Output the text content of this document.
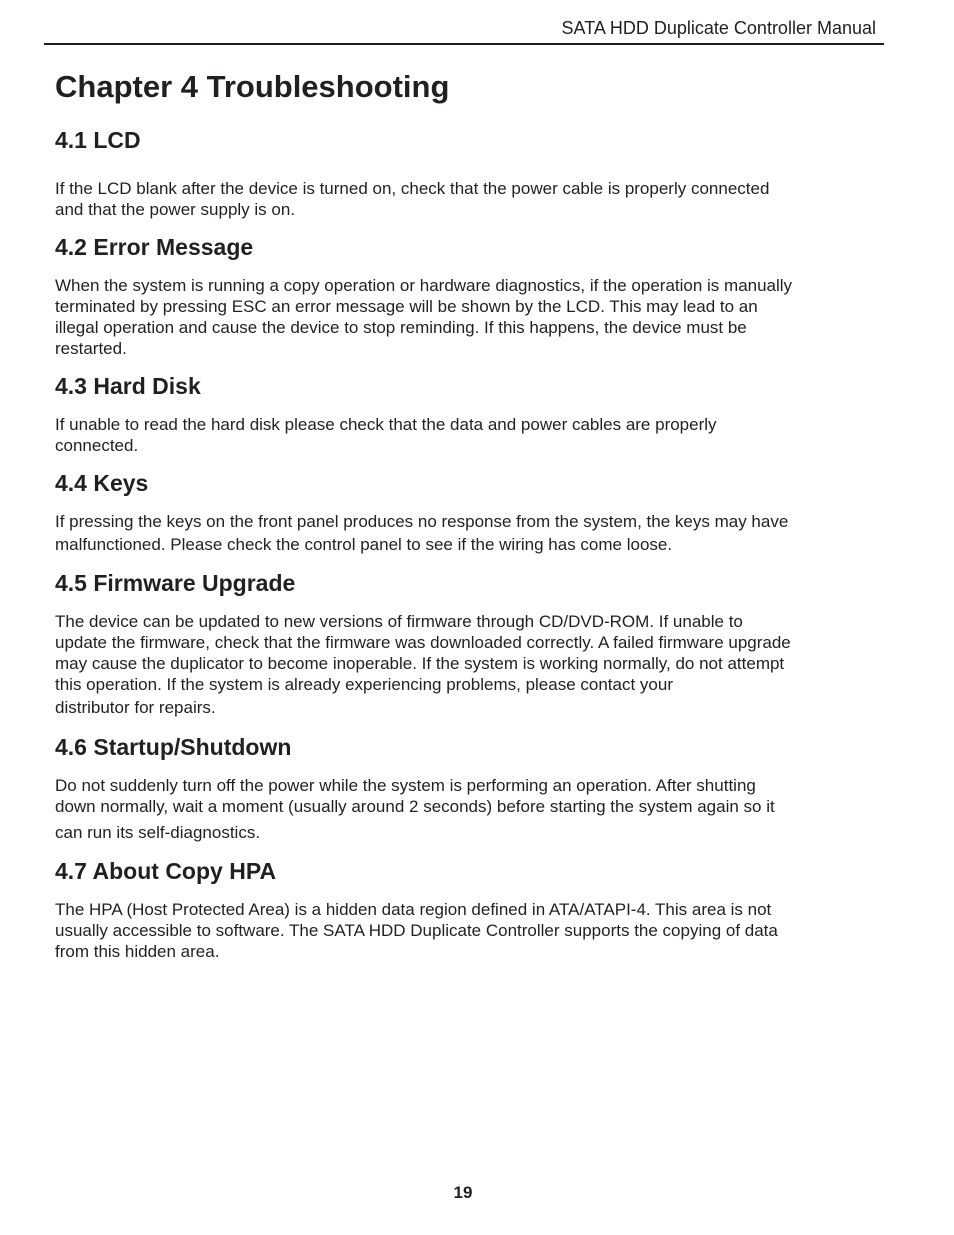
SATA HDD Duplicate Controller Manual
Chapter 4 Troubleshooting
4.1 LCD

If the LCD blank after the device is turned on, check that the power cable is properly connected
and that the power supply is on.

4.2 Error Message

When the system is running a copy operation or hardware diagnostics, if the operation is manually
terminated by pressing ESC an error message will be shown by the LCD. This may lead to an
illegal operation and cause the device to stop reminding. If this happens, the device must be
restarted.

4.3 Hard Disk

If unable to read the hard disk please check that the data and power cables are properly
connected.

4.4 Keys

If pressing the keys on the front panel produces no response from the system, the keys may have
malfunctioned. Please check the control panel to see if the wiring has come loose.

4.5 Firmware Upgrade

The device can be updated to new versions of firmware through CD/DVD-ROM. If unable to
update the firmware, check that the firmware was downloaded correctly. A failed firmware upgrade
may cause the duplicator to become inoperable. If the system is working normally, do not attempt
this operation. If the system is already experiencing problems, please contact your
distributor for repairs.

4.6 Startup/Shutdown

Do not suddenly turn off the power while the system is performing an operation. After shutting
down normally, wait a moment (usually around 2 seconds) before starting the system again so it
can run its self-diagnostics.

4.7 About Copy HPA

The HPA (Host Protected Area) is a hidden data region defined in ATA/ATAPI-4. This area is not
usually accessible to software. The SATA HDD Duplicate Controller supports the copying of data
from this hidden area.

19
